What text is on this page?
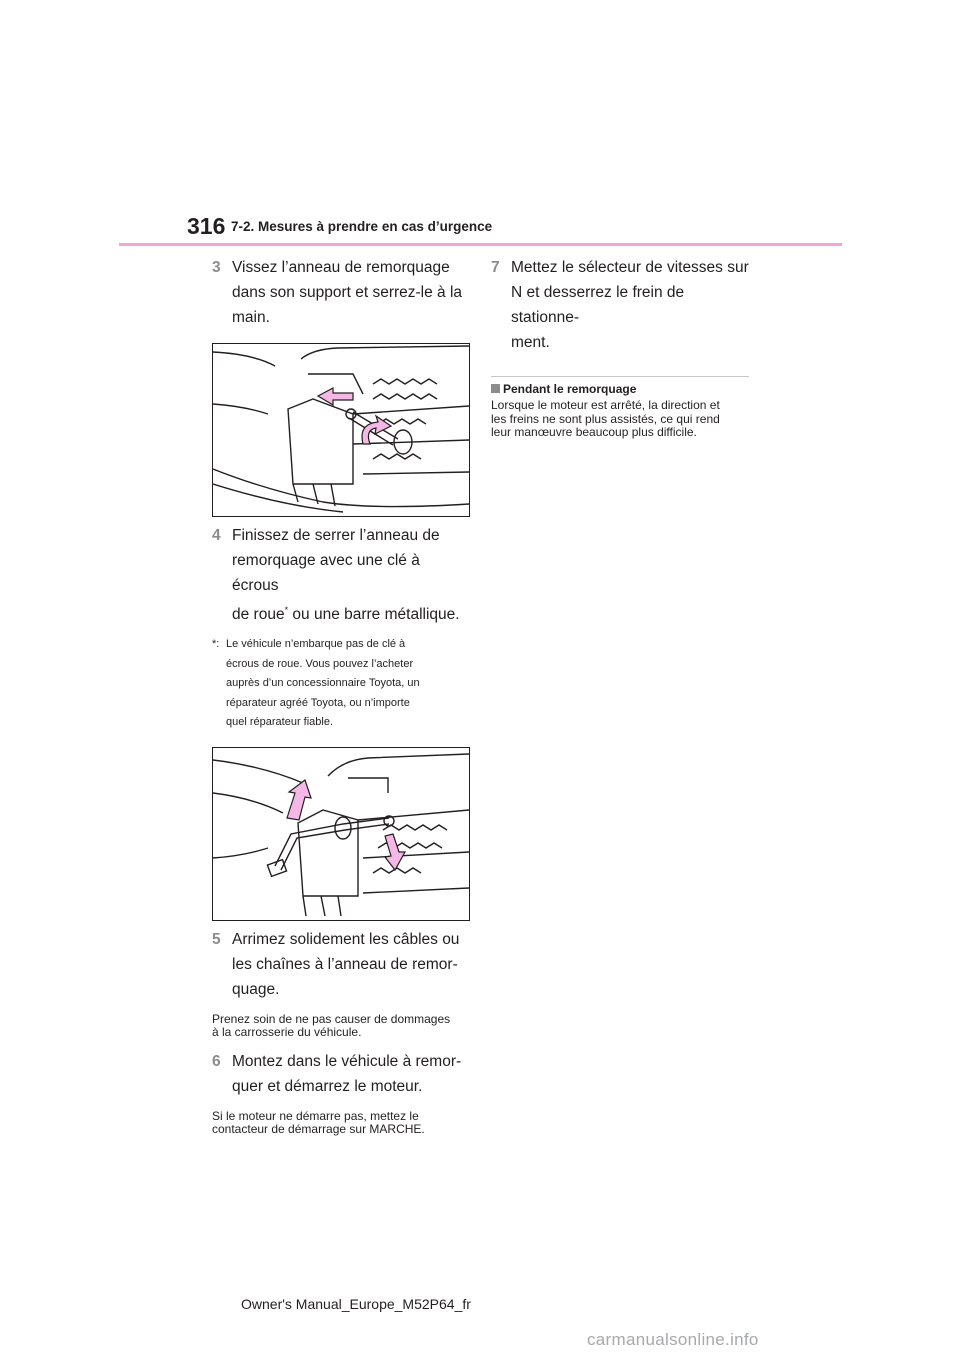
316 7-2. Mesures à prendre en cas d’urgence
3 Vissez l’anneau de remorquage
dans son support et serrez-le à la
main.
4 Finissez de serrer l’anneau de
remorquage avec une clé à écrous
de roue* ou une barre métallique.
*: Le véhicule n’embarque pas de clé à
écrous de roue. Vous pouvez l’acheter
auprès d’un concessionnaire Toyota, un
réparateur agréé Toyota, ou n’importe
quel réparateur fiable.
5 Arrimez solidement les câbles ou
les chaînes à l’anneau de remor-
quage.
Prenez soin de ne pas causer de dommages
à la carrosserie du véhicule.
6 Montez dans le véhicule à remor-
quer et démarrez le moteur.
Si le moteur ne démarre pas, mettez le
contacteur de démarrage sur MARCHE.
7 Mettez le sélecteur de vitesses sur
N et desserrez le frein de stationne-
ment.
Pendant le remorquage
Lorsque le moteur est arrêté, la direction et
les freins ne sont plus assistés, ce qui rend
leur manœuvre beaucoup plus difficile.
Owner's Manual_Europe_M52P64_fr
carmanualsonline.info
